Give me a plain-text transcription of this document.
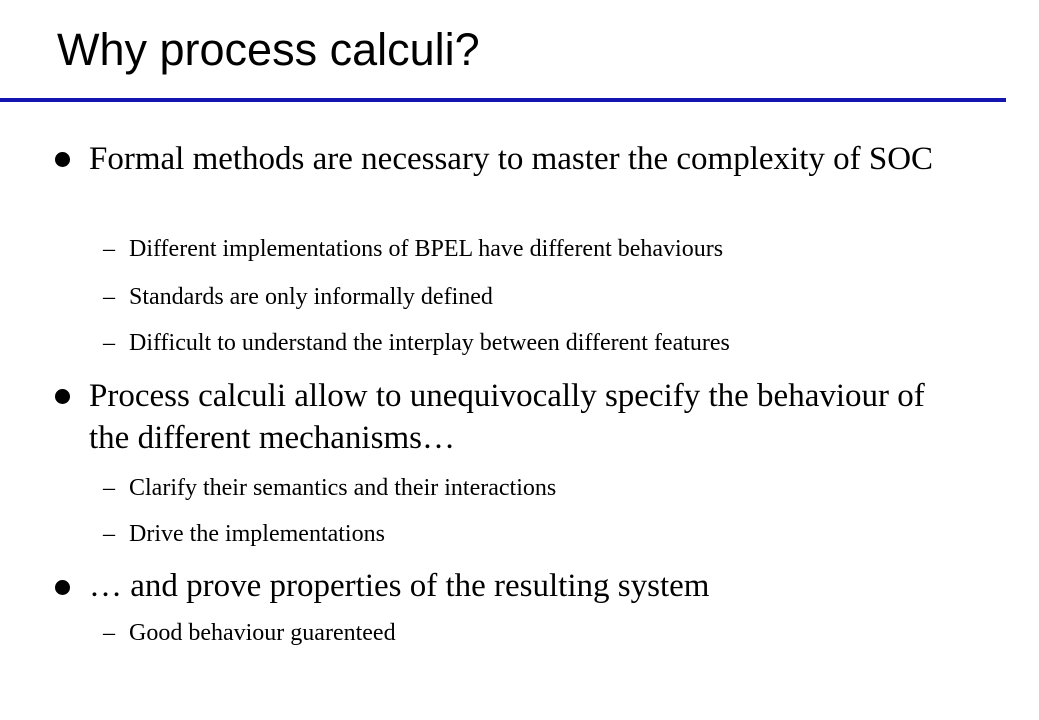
Why process calculi?

Formal methods are necessary to master the complexity of SOC

– Different implementations of BPEL have different behaviours

– Standards are only informally defined

– Difficult to understand the interplay between different features

Process calculi allow to unequivocally specify the behaviour of the different mechanisms…

– Clarify their semantics and their interactions

– Drive the implementations

… and prove properties of the resulting system

– Good behaviour guarenteed
